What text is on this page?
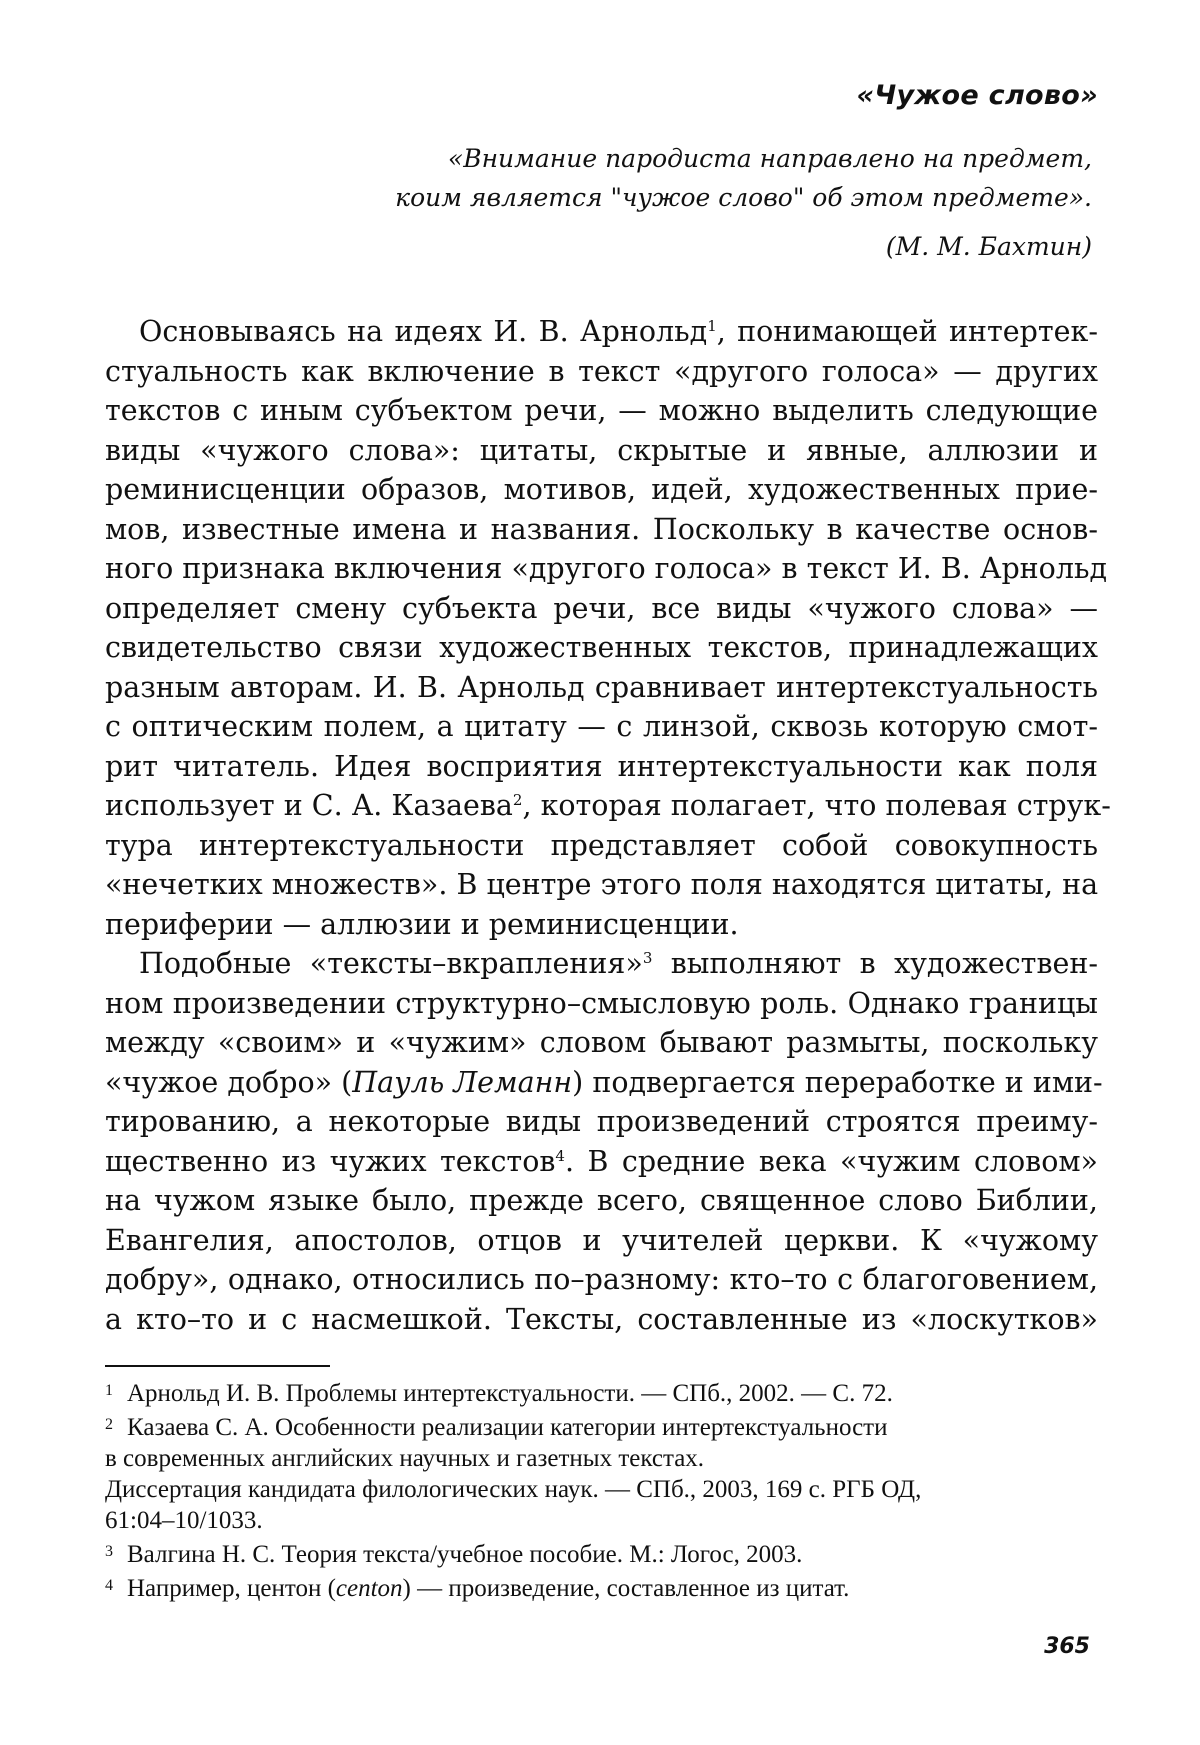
«Чужое слово»
«Внимание пародиста направлено на предмет,
коим является "чужое слово" об этом предмете».
(М. М. Бахтин)
Основываясь на идеях И. В. Арнольд$^1$, понимающей интертек-
стуальность как включение в текст «другого голоса» — других
текстов с иным субъектом речи, — можно выделить следующие
виды «чужого слова»: цитаты, скрытые и явные, аллюзии и
реминисценции образов, мотивов, идей, художественных прие-
мов, известные имена и названия. Поскольку в качестве основ-
ного признака включения «другого голоса» в текст И. В. Арнольд
определяет смену субъекта речи, все виды «чужого слова» —
свидетельство связи художественных текстов, принадлежащих
разным авторам. И. В. Арнольд сравнивает интертекстуальность
с оптическим полем, а цитату — с линзой, сквозь которую смот-
рит читатель. Идея восприятия интертекстуальности как поля
использует и С. А. Казаева$^2$, которая полагает, что полевая струк-
тура интертекстуальности представляет собой совокупность
«нечетких множеств». В центре этого поля находятся цитаты, на
периферии — аллюзии и реминисценции.
Подобные «тексты–вкрапления»$^3$ выполняют в художествен-
ном произведении структурно–смысловую роль. Однако границы
между «своим» и «чужим» словом бывают размыты, поскольку
«чужое добро» (Пауль Леманн) подвергается переработке и ими-
тированию, а некоторые виды произведений строятся преиму-
щественно из чужих текстов$^4$. В средние века «чужим словом»
на чужом языке было, прежде всего, священное слово Библии,
Евангелия, апостолов, отцов и учителей церкви. К «чужому
добру», однако, относились по–разному: кто–то с благоговением,
а кто–то и с насмешкой. Тексты, составленные из «лоскутков»
1 Арнольд И. В. Проблемы интертекстуальности. — СПб., 2002. — С. 72.
2 Казаева С. А. Особенности реализации категории интертекстуальности
в современных английских научных и газетных текстах.
Диссертация кандидата филологических наук. — СПб., 2003, 169 с. РГБ ОД,
61:04–10/1033.
3 Валгина Н. С. Теория текста/учебное пособие. М.: Логос, 2003.
4 Например, центон (centon) — произведение, составленное из цитат.
365
